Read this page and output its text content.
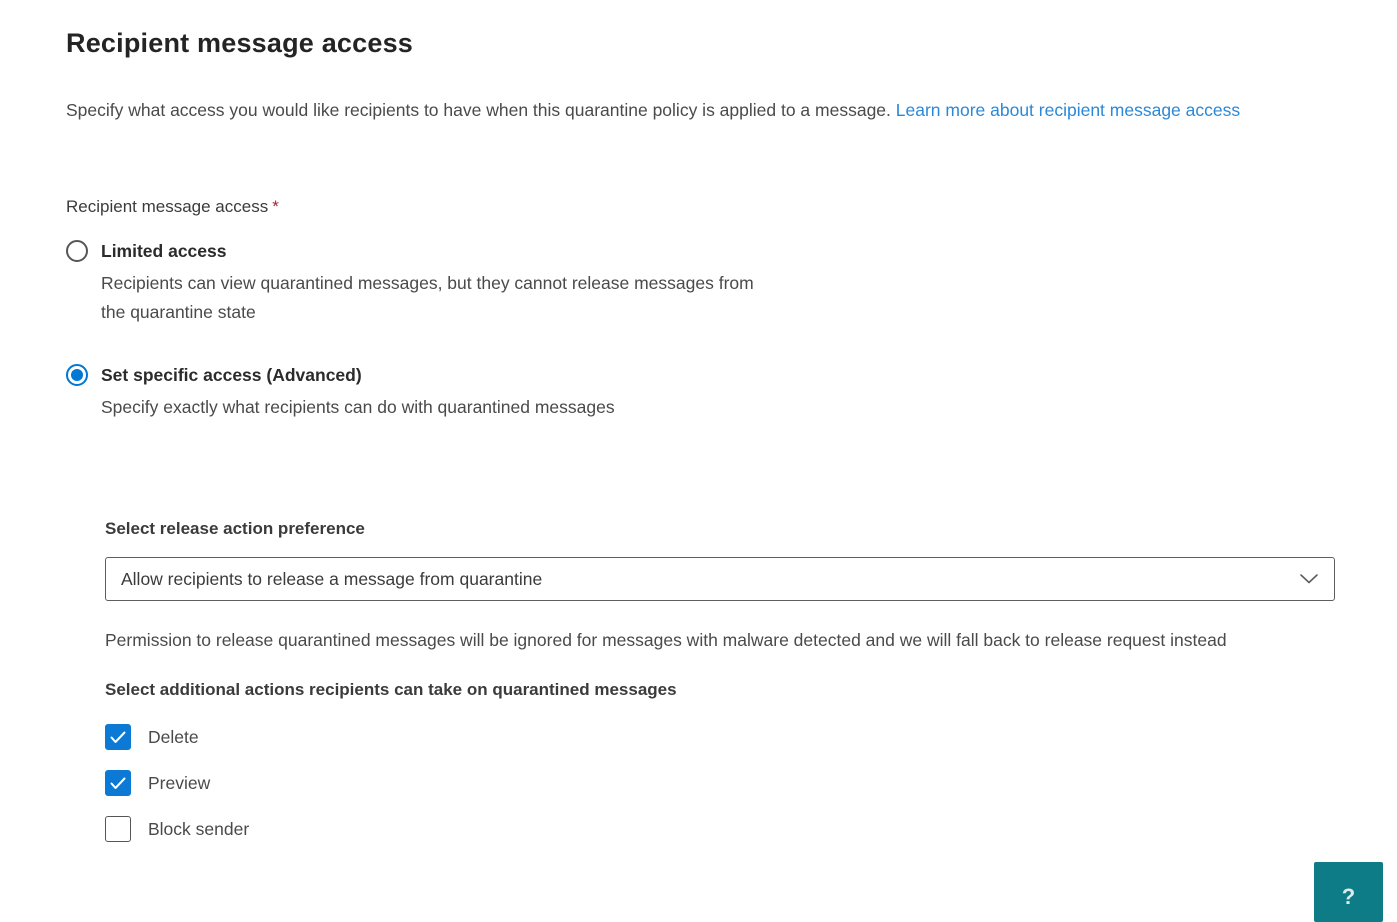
Recipient message access

Specify what access you would like recipients to have when this quarantine policy is applied to a message. Learn more about recipient message access

Recipient message access *
Limited access
Recipients can view quarantined messages, but they cannot release messages from the quarantine state
Set specific access (Advanced)
Specify exactly what recipients can do with quarantined messages
Select release action preference
Allow recipients to release a message from quarantine

Permission to release quarantined messages will be ignored for messages with malware detected and we will fall back to release request instead

Select additional actions recipients can take on quarantined messages
Delete
Preview
Block sender
?
